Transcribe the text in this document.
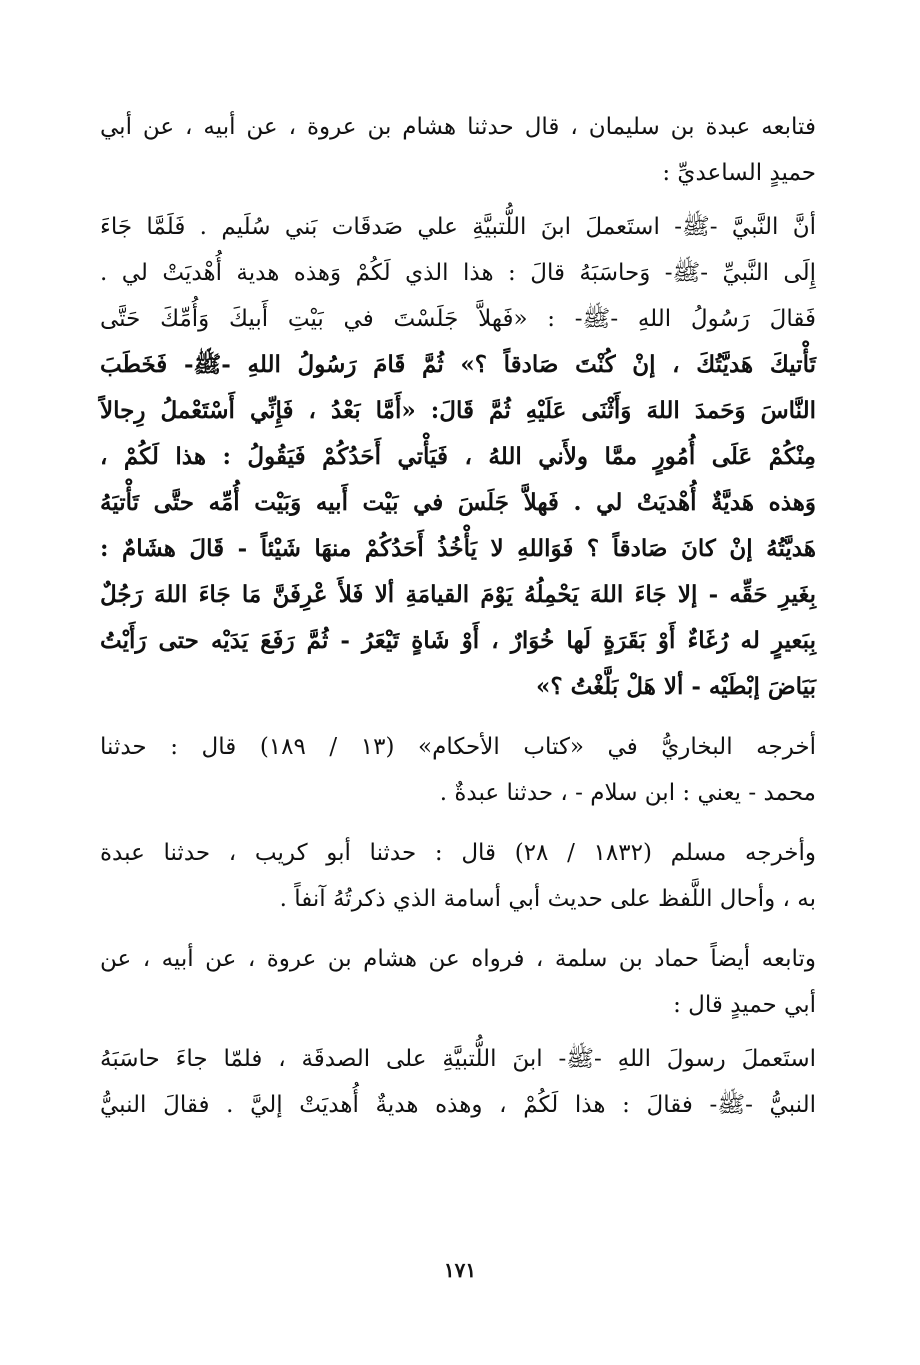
فتابعه عبدة بن سليمان ، قال حدثنا هشام بن عروة ، عن أبيه ، عن أبي
حميدٍ الساعديِّ :

أنَّ النَّبيَّ -ﷺ- استَعملَ ابنَ اللُّتبيَّةِ علي صَدقَات بَني سُلَيم . فَلَمَّا جَاءَ
إِلَى النَّبيِّ -ﷺ- وَحاسَبَهُ قالَ : هذا الذي لَكُمْ وَهذه هدية أُهْديَتْ لي .
فَقالَ رَسُولُ اللهِ -ﷺ- : «فَهلاَّ جَلَسْتَ في بَيْتِ أَبيكَ وَأُمِّكَ حَتَّى
تَأْتيكَ هَديَّتُكَ ، إنْ كُنْتَ صَادقاً ؟» ثُمَّ قَامَ رَسُولُ اللهِ -ﷺ- فَخَطَبَ
النَّاسَ وَحَمدَ اللهَ وَأَثْنَى عَلَيْهِ ثُمَّ قَالَ: «أَمَّا بَعْدُ ، فَإِنِّي أَسْتَعْملُ رِجالاً
مِنْكُمْ عَلَى أُمُورٍ ممَّا ولأَني اللهُ ، فَيَأْتي أَحَدُكُمْ فَيَقُولُ : هذا لَكُمْ ،
وَهذه هَديَّةٌ أُهْديَتْ لي . فَهلاَّ جَلَسَ في بَيْت أَبيه وَبَيْت أُمِّه حتَّى تَأْتيَهُ
هَديَّتُهُ إنْ كانَ صَادقاً ؟ فَوَاللهِ لا يَأْخُذُ أَحَدُكُمْ منهَا شَيْئاً - قَالَ هشَامٌ :
بِغَيرِ حَقِّه - إلا جَاءَ اللهَ يَحْمِلُهُ يَوْمَ القيامَةِ ألا فَلأَ عْرِفَنَّ مَا جَاءَ اللهَ رَجُلٌ
بِبَعيرٍ له رُغَاءٌ أَوْ بَقَرَةٍ لَها خُوَارٌ ، أَوْ شَاةٍ تَيْعَرُ - ثُمَّ رَفَعَ يَدَيْه حتى رَأَيْتُ
بَيَاضَ إبْطَيْه - ألا هَلْ بَلَّغْتُ ؟»

أخرجه البخاريُّ في «كتاب الأحكام» (١٣ / ١٨٩) قال : حدثنا
محمد - يعني : ابن سلام - ، حدثنا عبدةٌ .

وأخرجه مسلم (١٨٣٢ / ٢٨) قال : حدثنا أبو كريب ، حدثنا عبدة
به ، وأحال اللَّفظ على حديث أبي أسامة الذي ذكرتُهُ آنفاً .

وتابعه أيضاً حماد بن سلمة ، فرواه عن هشام بن عروة ، عن أبيه ، عن
أبي حميدٍ قال :

استَعملَ رسولَ اللهِ -ﷺ- ابنَ اللُّتبيَّةِ على الصدقَة ، فلمّا جاءَ حاسَبَهُ
النبيُّ -ﷺ- فقالَ : هذا لَكُمْ ، وهذه هديةٌ أُهديَتْ إليَّ . فقالَ النبيُّ

١٧١
